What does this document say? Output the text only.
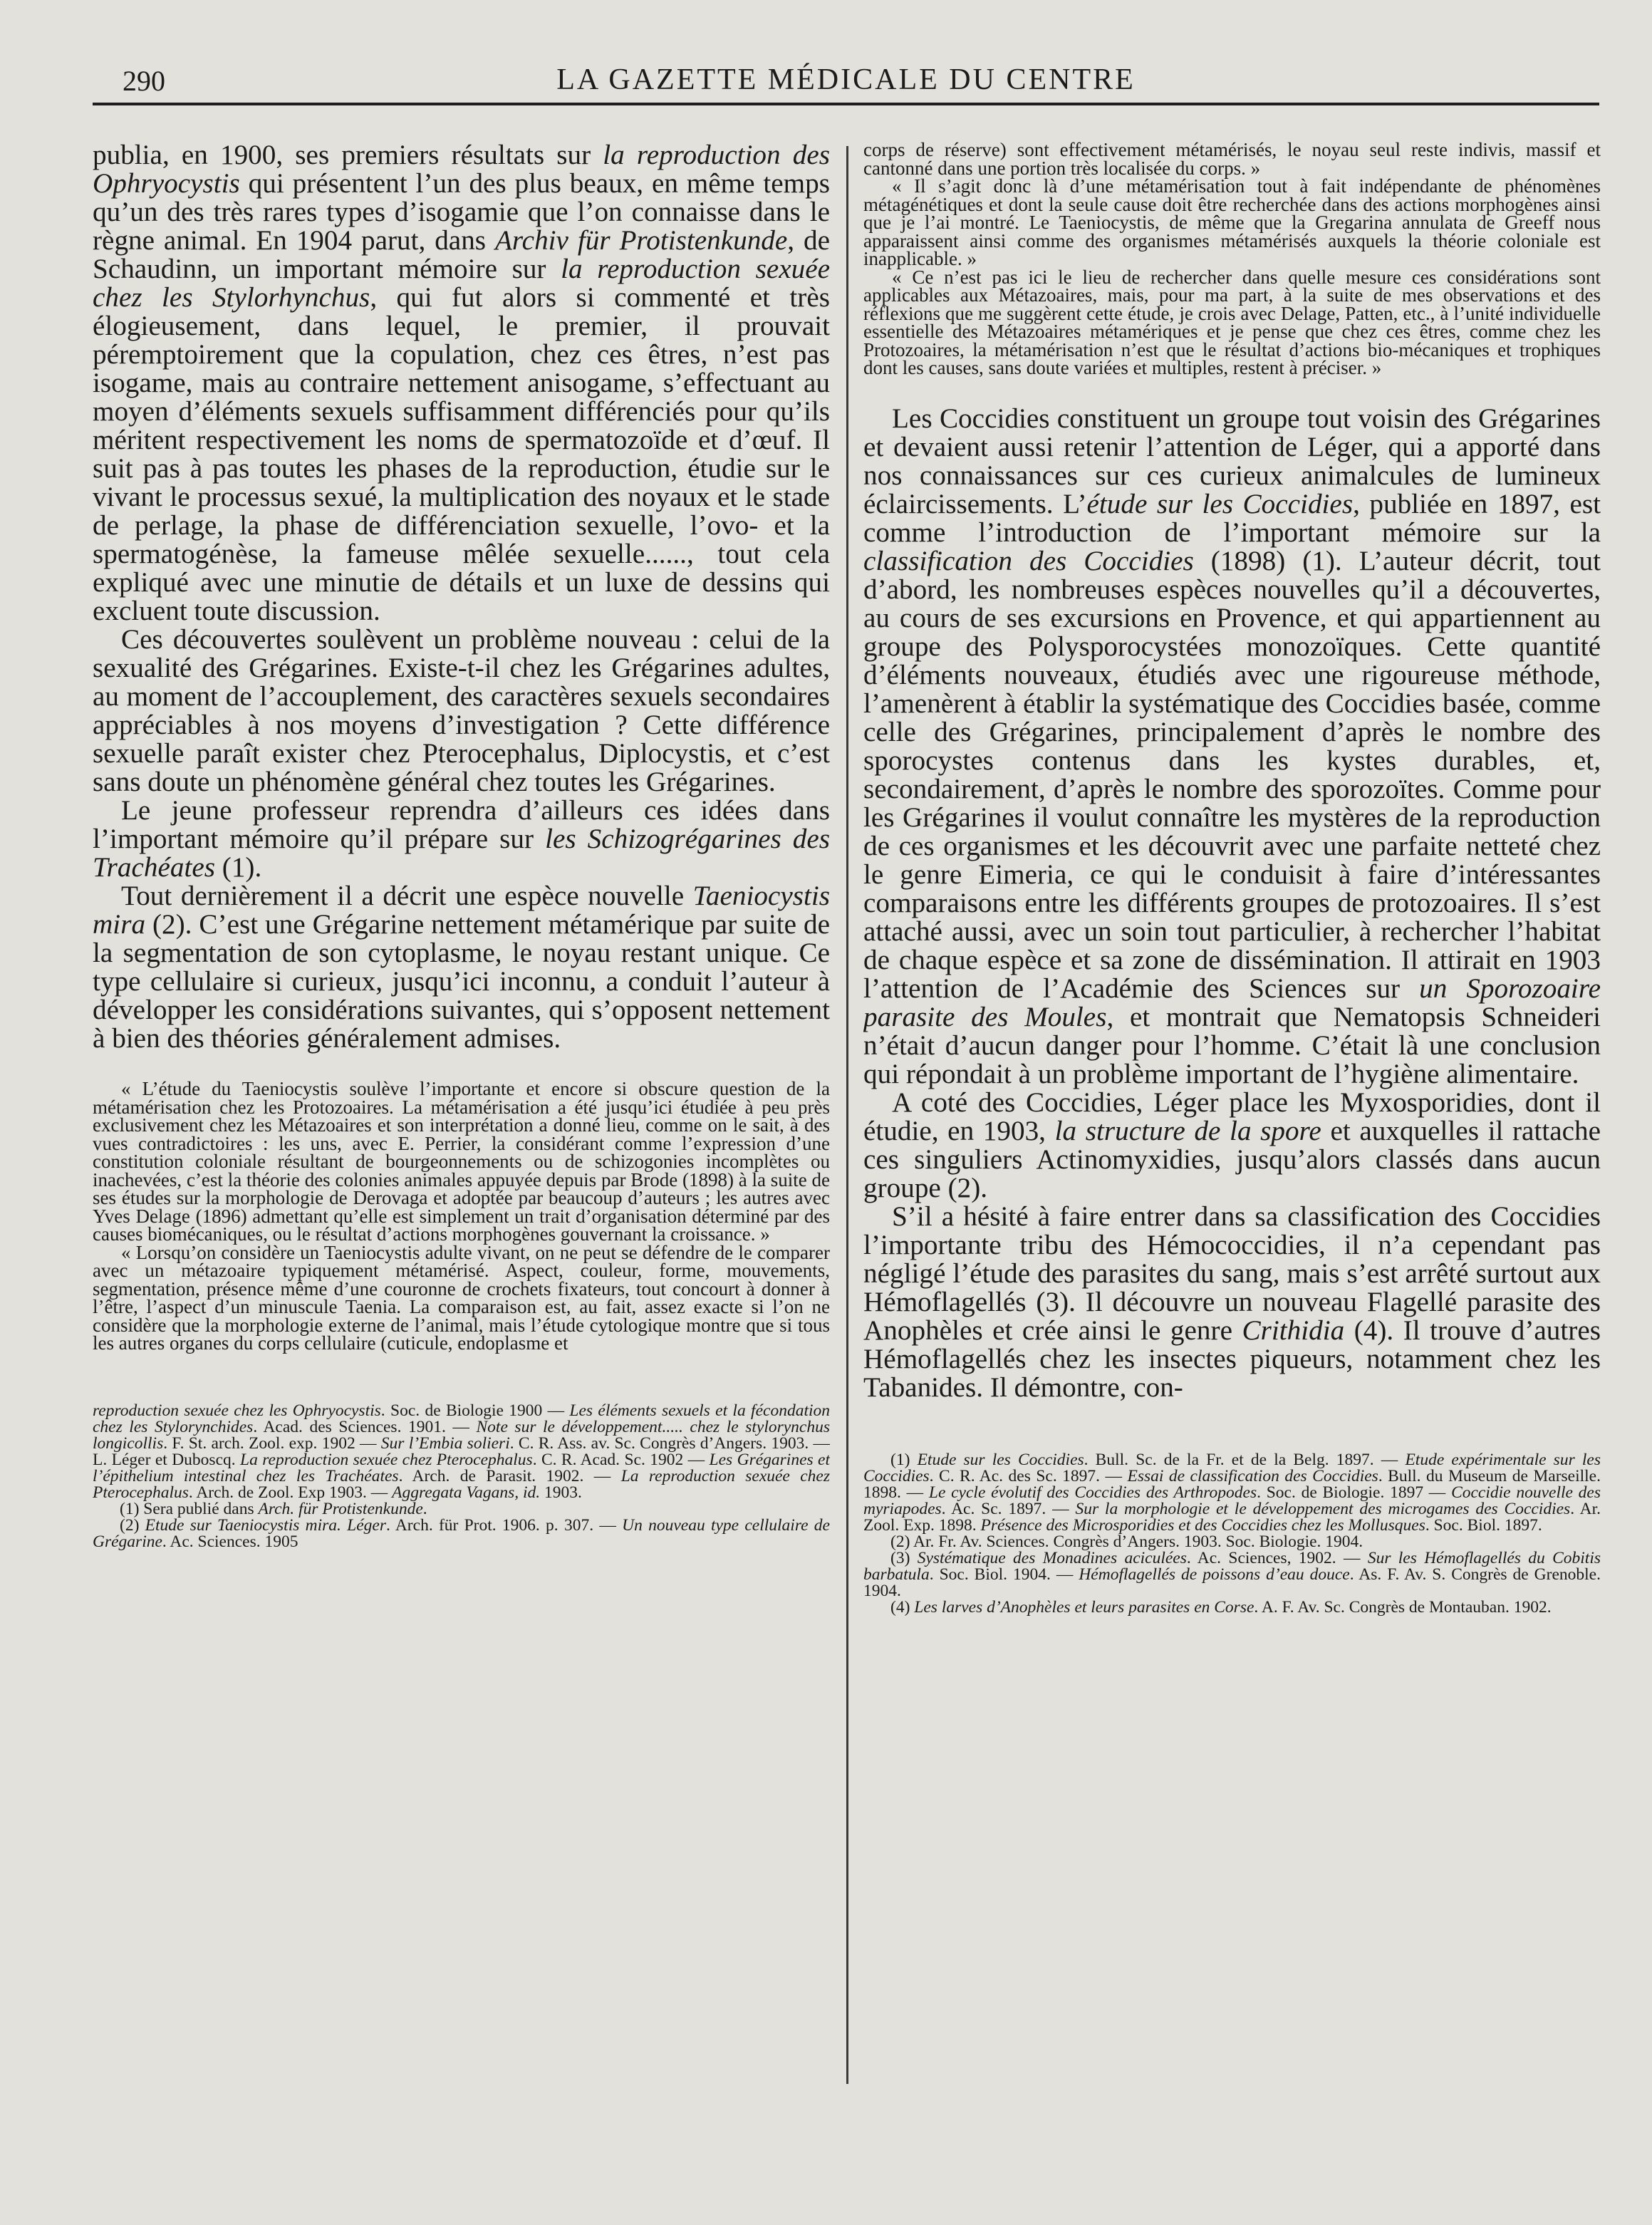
290	LA GAZETTE MÉDICALE DU CENTRE

publia, en 1900, ses premiers résultats sur la reproduction des Ophryocystis qui présentent l’un des plus beaux, en même temps qu’un des très rares types d’isogamie que l’on connaisse dans le règne animal. En 1904 parut, dans Archiv für Protistenkunde, de Schaudinn, un important mémoire sur la reproduction sexuée chez les Stylorhynchus, qui fut alors si commenté et très élogieusement, dans lequel, le premier, il prouvait péremptoirement que la copulation, chez ces êtres, n’est pas isogame, mais au contraire nettement anisogame, s’effectuant au moyen d’éléments sexuels suffisamment différenciés pour qu’ils méritent respectivement les noms de spermatozoïde et d’œuf. Il suit pas à pas toutes les phases de la reproduction, étudie sur le vivant le processus sexué, la multiplication des noyaux et le stade de perlage, la phase de différenciation sexuelle, l’ovo- et la spermatogénèse, la fameuse mêlée sexuelle......, tout cela expliqué avec une minutie de détails et un luxe de dessins qui excluent toute discussion.

Ces découvertes soulèvent un problème nouveau : celui de la sexualité des Grégarines. Existe-t-il chez les Grégarines adultes, au moment de l’accouplement, des caractères sexuels secondaires appréciables à nos moyens d’investigation ? Cette différence sexuelle paraît exister chez Pterocephalus, Diplocystis, et c’est sans doute un phénomène général chez toutes les Grégarines.

Le jeune professeur reprendra d’ailleurs ces idées dans l’important mémoire qu’il prépare sur les Schizogrégarines des Trachéates (1).

Tout dernièrement il a décrit une espèce nouvelle Taeniocystis mira (2). C’est une Grégarine nettement métamérique par suite de la segmentation de son cytoplasme, le noyau restant unique. Ce type cellulaire si curieux, jusqu’ici inconnu, a conduit l’auteur à développer les considérations suivantes, qui s’opposent nettement à bien des théories généralement admises.

« L’étude du Taeniocystis soulève l’importante et encore si obscure question de la métamérisation chez les Protozoaires. La métamérisation a été jusqu’ici étudiée à peu près exclusivement chez les Métazoaires et son interprétation a donné lieu, comme on le sait, à des vues contradictoires : les uns, avec E. Perrier, la considérant comme l’expression d’une constitution coloniale résultant de bourgeonnements ou de schizogonies incomplètes ou inachevées, c’est la théorie des colonies animales appuyée depuis par Brode (1898) à la suite de ses études sur la morphologie de Derovaga et adoptée par beaucoup d’auteurs ; les autres avec Yves Delage (1896) admettant qu’elle est simplement un trait d’organisation déterminé par des causes biomécaniques, ou le résultat d’actions morphogènes gouvernant la croissance. »

« Lorsqu’on considère un Taeniocystis adulte vivant, on ne peut se défendre de le comparer avec un métazoaire typiquement métamérisé. Aspect, couleur, forme, mouvements, segmentation, présence même d’une couronne de crochets fixateurs, tout concourt à donner à l’être, l’aspect d’un minuscule Taenia. La comparaison est, au fait, assez exacte si l’on ne considère que la morphologie externe de l’animal, mais l’étude cytologique montre que si tous les autres organes du corps cellulaire (cuticule, endoplasme et

reproduction sexuée chez les Ophryocystis. Soc. de Biologie 1900 — Les éléments sexuels et la fécondation chez les Stylorynchides. Acad. des Sciences. 1901. — Note sur le développement..... chez le stylorynchus longicollis. F. St. arch. Zool. exp. 1902 — Sur l’Embia solieri. C. R. Ass. av. Sc. Congrès d’Angers. 1903. — L. Léger et Duboscq. La reproduction sexuée chez Pterocephalus. C. R. Acad. Sc. 1902 — Les Grégarines et l’épithelium intestinal chez les Trachéates. Arch. de Parasit. 1902. — La reproduction sexuée chez Pterocephalus. Arch. de Zool. Exp 1903. — Aggregata Vagans, id. 1903.

(1) Sera publié dans Arch. für Protistenkunde.

(2) Etude sur Taeniocystis mira. Léger. Arch. für Prot. 1906. p. 307. — Un nouveau type cellulaire de Grégarine. Ac. Sciences. 1905

corps de réserve) sont effectivement métamérisés, le noyau seul reste indivis, massif et cantonné dans une portion très localisée du corps. »

« Il s’agit donc là d’une métamérisation tout à fait indépendante de phénomènes métagénétiques et dont la seule cause doit être recherchée dans des actions morphogènes ainsi que je l’ai montré. Le Taeniocystis, de même que la Gregarina annulata de Greeff nous apparaissent ainsi comme des organismes métamérisés auxquels la théorie coloniale est inapplicable. »

« Ce n’est pas ici le lieu de rechercher dans quelle mesure ces considérations sont applicables aux Métazoaires, mais, pour ma part, à la suite de mes observations et des réflexions que me suggèrent cette étude, je crois avec Delage, Patten, etc., à l’unité individuelle essentielle des Métazoaires métamériques et je pense que chez ces êtres, comme chez les Protozoaires, la métamérisation n’est que le résultat d’actions bio-mécaniques et trophiques dont les causes, sans doute variées et multiples, restent à préciser. »

Les Coccidies constituent un groupe tout voisin des Grégarines et devaient aussi retenir l’attention de Léger, qui a apporté dans nos connaissances sur ces curieux animalcules de lumineux éclaircissements. L’étude sur les Coccidies, publiée en 1897, est comme l’introduction de l’important mémoire sur la classification des Coccidies (1898) (1). L’auteur décrit, tout d’abord, les nombreuses espèces nouvelles qu’il a découvertes, au cours de ses excursions en Provence, et qui appartiennent au groupe des Polysporocystées monozoïques. Cette quantité d’éléments nouveaux, étudiés avec une rigoureuse méthode, l’amenèrent à établir la systématique des Coccidies basée, comme celle des Grégarines, principalement d’après le nombre des sporocystes contenus dans les kystes durables, et, secondairement, d’après le nombre des sporozoïtes. Comme pour les Grégarines il voulut connaître les mystères de la reproduction de ces organismes et les découvrit avec une parfaite netteté chez le genre Eimeria, ce qui le conduisit à faire d’intéressantes comparaisons entre les différents groupes de protozoaires. Il s’est attaché aussi, avec un soin tout particulier, à rechercher l’habitat de chaque espèce et sa zone de dissémination. Il attirait en 1903 l’attention de l’Académie des Sciences sur un Sporozoaire parasite des Moules, et montrait que Nematopsis Schneideri n’était d’aucun danger pour l’homme. C’était là une conclusion qui répondait à un problème important de l’hygiène alimentaire.

A coté des Coccidies, Léger place les Myxosporidies, dont il étudie, en 1903, la structure de la spore et auxquelles il rattache ces singuliers Actinomyxidies, jusqu’alors classés dans aucun groupe (2).

S’il a hésité à faire entrer dans sa classification des Coccidies l’importante tribu des Hémococcidies, il n’a cependant pas négligé l’étude des parasites du sang, mais s’est arrêté surtout aux Hémoflagellés (3). Il découvre un nouveau Flagellé parasite des Anophèles et crée ainsi le genre Crithidia (4). Il trouve d’autres Hémoflagellés chez les insectes piqueurs, notamment chez les Tabanides. Il démontre, con-

(1) Etude sur les Coccidies. Bull. Sc. de la Fr. et de la Belg. 1897. — Etude expérimentale sur les Coccidies. C. R. Ac. des Sc. 1897. — Essai de classification des Coccidies. Bull. du Museum de Marseille. 1898. — Le cycle évolutif des Coccidies des Arthropodes. Soc. de Biologie. 1897 — Coccidie nouvelle des myriapodes. Ac. Sc. 1897. — Sur la morphologie et le développement des microgames des Coccidies. Ar. Zool. Exp. 1898. Présence des Microsporidies et des Coccidies chez les Mollusques. Soc. Biol. 1897.

(2) Ar. Fr. Av. Sciences. Congrès d’Angers. 1903. Soc. Biologie. 1904.

(3) Systématique des Monadines aciculées. Ac. Sciences, 1902. — Sur les Hémoflagellés du Cobitis barbatula. Soc. Biol. 1904. — Hémoflagellés de poissons d’eau douce. As. F. Av. S. Congrès de Grenoble. 1904.

(4) Les larves d’Anophèles et leurs parasites en Corse. A. F. Av. Sc. Congrès de Montauban. 1902.
